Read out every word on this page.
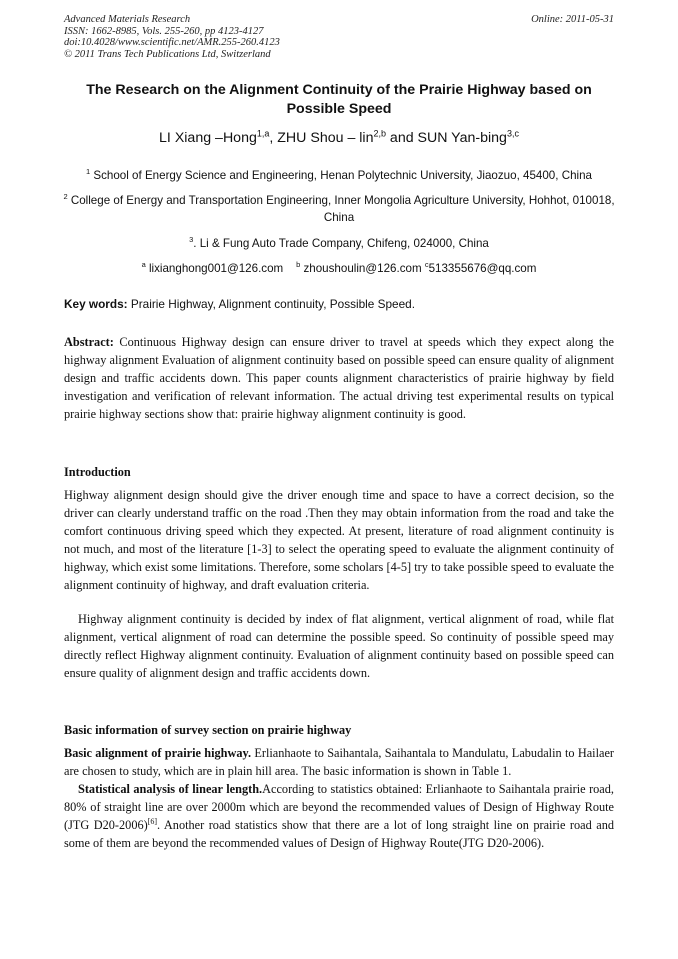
Advanced Materials Research
ISSN: 1662-8985, Vols. 255-260, pp 4123-4127
doi:10.4028/www.scientific.net/AMR.255-260.4123
© 2011 Trans Tech Publications Ltd, Switzerland
Online: 2011-05-31
The Research on the Alignment Continuity of the Prairie Highway based on Possible Speed
LI Xiang –Hong$^{1,a}$, ZHU Shou – lin$^{2,b}$ and SUN Yan-bing$^{3,c}$
$^1$ School of Energy Science and Engineering, Henan Polytechnic University, Jiaozuo, 45400, China
$^2$ College of Energy and Transportation Engineering, Inner Mongolia Agriculture University, Hohhot, 010018, China
$^3$. Li & Fung Auto Trade Company, Chifeng, 024000, China
$^a$ lixianghong001@126.com $^b$ zhoushoulin@126.com $^c$513355676@qq.com
Key words: Prairie Highway, Alignment continuity, Possible Speed.
Abstract: Continuous Highway design can ensure driver to travel at speeds which they expect along the highway alignment Evaluation of alignment continuity based on possible speed can ensure quality of alignment design and traffic accidents down. This paper counts alignment characteristics of prairie highway by field investigation and verification of relevant information. The actual driving test experimental results on typical prairie highway sections show that: prairie highway alignment continuity is good.
Introduction
Highway alignment design should give the driver enough time and space to have a correct decision, so the driver can clearly understand traffic on the road .Then they may obtain information from the road and take the comfort continuous driving speed which they expected. At present, literature of road alignment continuity is not much, and most of the literature [1-3] to select the operating speed to evaluate the alignment continuity of highway, which exist some limitations. Therefore, some scholars [4-5] try to take possible speed to evaluate the alignment continuity of highway, and draft evaluation criteria.
Highway alignment continuity is decided by index of flat alignment, vertical alignment of road, while flat alignment, vertical alignment of road can determine the possible speed. So continuity of possible speed may directly reflect Highway alignment continuity. Evaluation of alignment continuity based on possible speed can ensure quality of alignment design and traffic accidents down.
Basic information of survey section on prairie highway
Basic alignment of prairie highway. Erlianhaote to Saihantala, Saihantala to Mandulatu, Labudalin to Hailaer are chosen to study, which are in plain hill area. The basic information is shown in Table 1.
Statistical analysis of linear length.According to statistics obtained: Erlianhaote to Saihantala prairie road, 80% of straight line are over 2000m which are beyond the recommended values of Design of Highway Route (JTG D20-2006)[6]. Another road statistics show that there are a lot of long straight line on prairie road and some of them are beyond the recommended values of Design of Highway Route(JTG D20-2006).
